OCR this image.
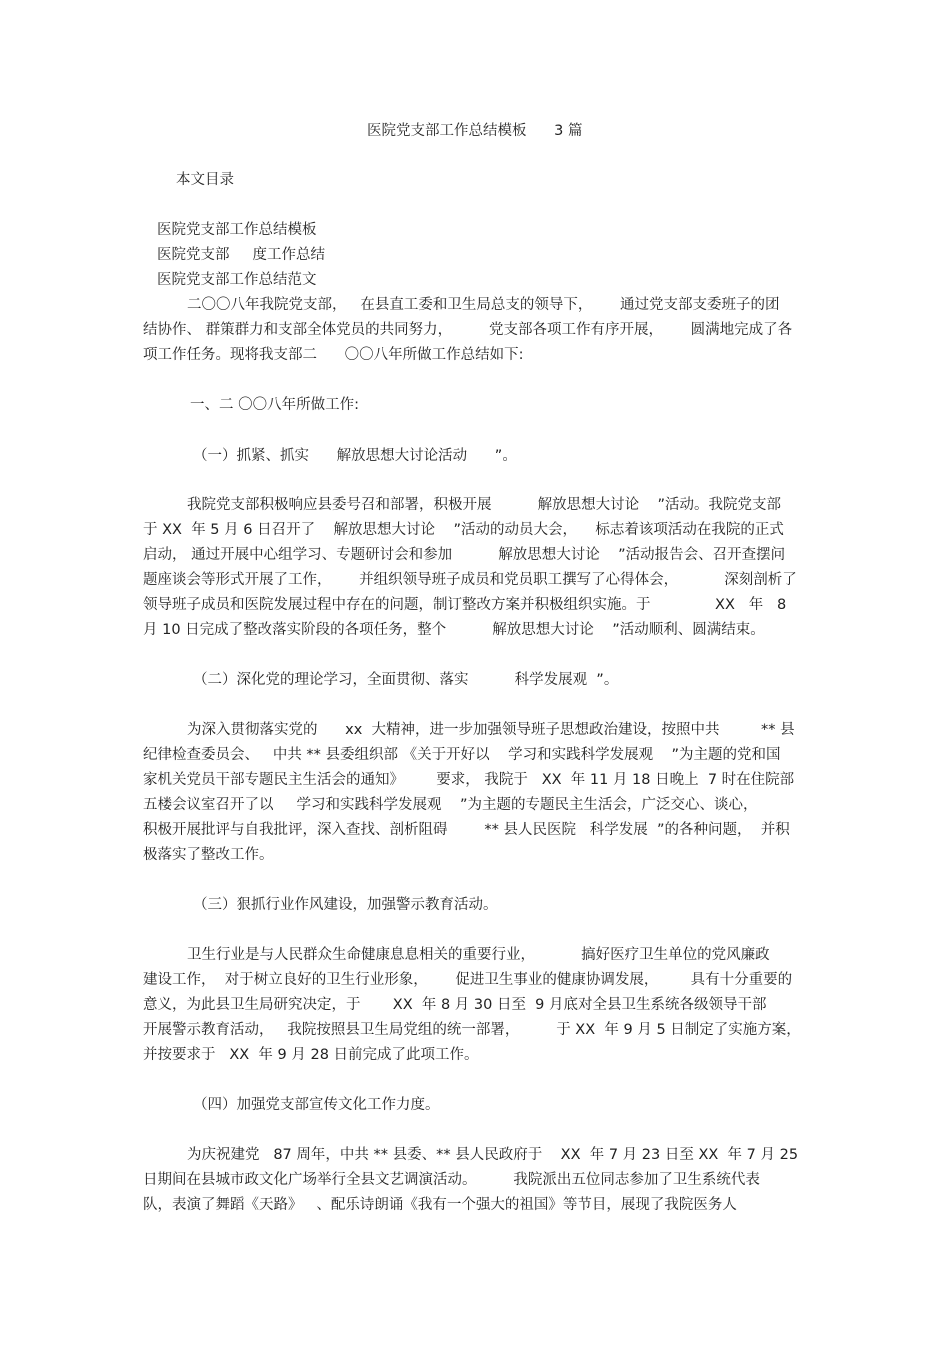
医院党支部工作总结模板      3 篇
本文目录
医院党支部工作总结模板
医院党支部     度工作总结
医院党支部工作总结范文
二〇〇八年我院党支部，   在县直工委和卫生局总支的领导下，      通过党支部支委班子的团
结协作、 群策群力和支部全体党员的共同努力，        党支部各项工作有序开展，      圆满地完成了各
项工作任务。现将我支部二      〇〇八年所做工作总结如下:
一、二 〇〇八年所做工作:
（一）抓紧、抓实      解放思想大讨论活动      ”。
我院党支部积极响应县委号召和部署，积极开展          解放思想大讨论    ”活动。我院党支部
于 XX  年 5 月 6 日召开了    解放思想大讨论    ”活动的动员大会，    标志着该项活动在我院的正式
启动， 通过开展中心组学习、专题研讨会和参加          解放思想大讨论    ”活动报告会、召开查摆问
题座谈会等形式开展了工作，      并组织领导班子成员和党员职工撰写了心得体会，          深刻剖析了
领导班子成员和医院发展过程中存在的问题，制订整改方案并积极组织实施。于              XX   年   8
月 10 日完成了整改落实阶段的各项任务，整个          解放思想大讨论    ”活动顺利、圆满结束。
（二）深化党的理论学习，全面贯彻、落实          科学发展观  ”。
为深入贯彻落实党的      xx  大精神，进一步加强领导班子思想政治建设，按照中共         ** 县
纪律检查委员会、   中共 ** 县委组织部 《关于开好以    学习和实践科学发展观    ”为主题的党和国
家机关党员干部专题民主生活会的通知》       要求， 我院于   XX  年 11 月 18 日晚上  7 时在住院部
五楼会议室召开了以     学习和实践科学发展观    ”为主题的专题民主生活会，广泛交心、谈心，
积极开展批评与自我批评，深入查找、剖析阻碍        ** 县人民医院   科学发展  ”的各种问题，  并积
极落实了整改工作。
（三）狠抓行业作风建设，加强警示教育活动。
卫生行业是与人民群众生命健康息息相关的重要行业，          搞好医疗卫生单位的党风廉政
建设工作，  对于树立良好的卫生行业形象，      促进卫生事业的健康协调发展，       具有十分重要的
意义，为此县卫生局研究决定，于       XX  年 8 月 30 日至  9 月底对全县卫生系统各级领导干部
开展警示教育活动，   我院按照县卫生局党组的统一部署，        于 XX  年 9 月 5 日制定了实施方案，
并按要求于   XX  年 9 月 28 日前完成了此项工作。
（四）加强党支部宣传文化工作力度。
为庆祝建党   87 周年，中共 ** 县委、** 县人民政府于    XX  年 7 月 23 日至 XX  年 7 月 25
日期间在县城市政文化广场举行全县文艺调演活动。        我院派出五位同志参加了卫生系统代表
队，表演了舞蹈《天路》   、配乐诗朗诵《我有一个强大的祖国》等节目，展现了我院医务人
